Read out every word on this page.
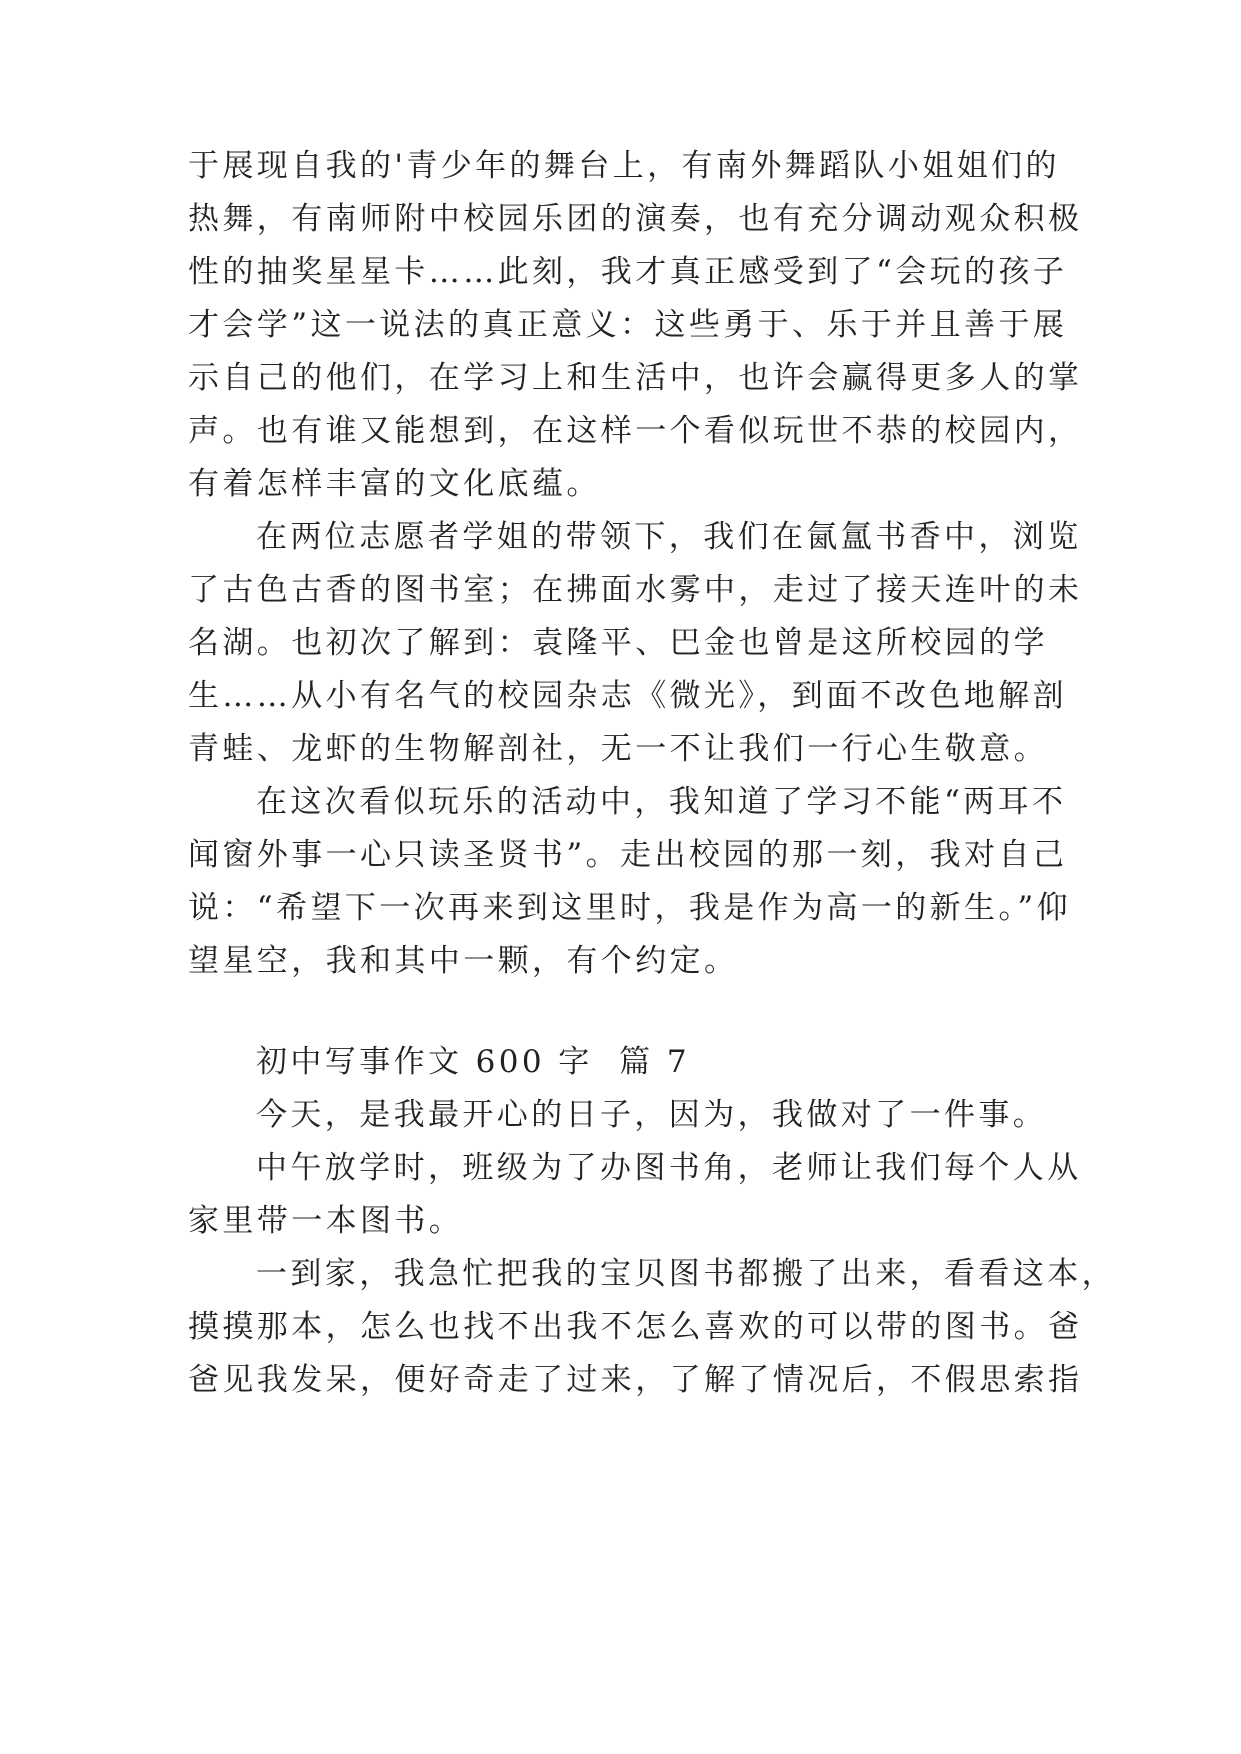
于展现自我的'青少年的舞台上，有南外舞蹈队小姐姐们的

热舞，有南师附中校园乐团的演奏，也有充分调动观众积极

性的抽奖星星卡……此刻，我才真正感受到了“会玩的孩子

才会学”这一说法的真正意义：这些勇于、乐于并且善于展

示自己的他们，在学习上和生活中，也许会赢得更多人的掌

声。也有谁又能想到，在这样一个看似玩世不恭的校园内，

有着怎样丰富的文化底蕴。

在两位志愿者学姐的带领下，我们在氤氲书香中，浏览

了古色古香的图书室；在拂面水雾中，走过了接天连叶的未

名湖。也初次了解到：袁隆平、巴金也曾是这所校园的学

生……从小有名气的校园杂志《微光》，到面不改色地解剖

青蛙、龙虾的生物解剖社，无一不让我们一行心生敬意。

在这次看似玩乐的活动中，我知道了学习不能“两耳不

闻窗外事一心只读圣贤书”。走出校园的那一刻，我对自己

说：“希望下一次再来到这里时，我是作为高一的新生。”仰

望星空，我和其中一颗，有个约定。

初中写事作文 600 字  篇 7

今天，是我最开心的日子，因为，我做对了一件事。

中午放学时，班级为了办图书角，老师让我们每个人从

家里带一本图书。

一到家，我急忙把我的宝贝图书都搬了出来，看看这本，

摸摸那本，怎么也找不出我不怎么喜欢的可以带的图书。爸

爸见我发呆，便好奇走了过来，了解了情况后，不假思索指
